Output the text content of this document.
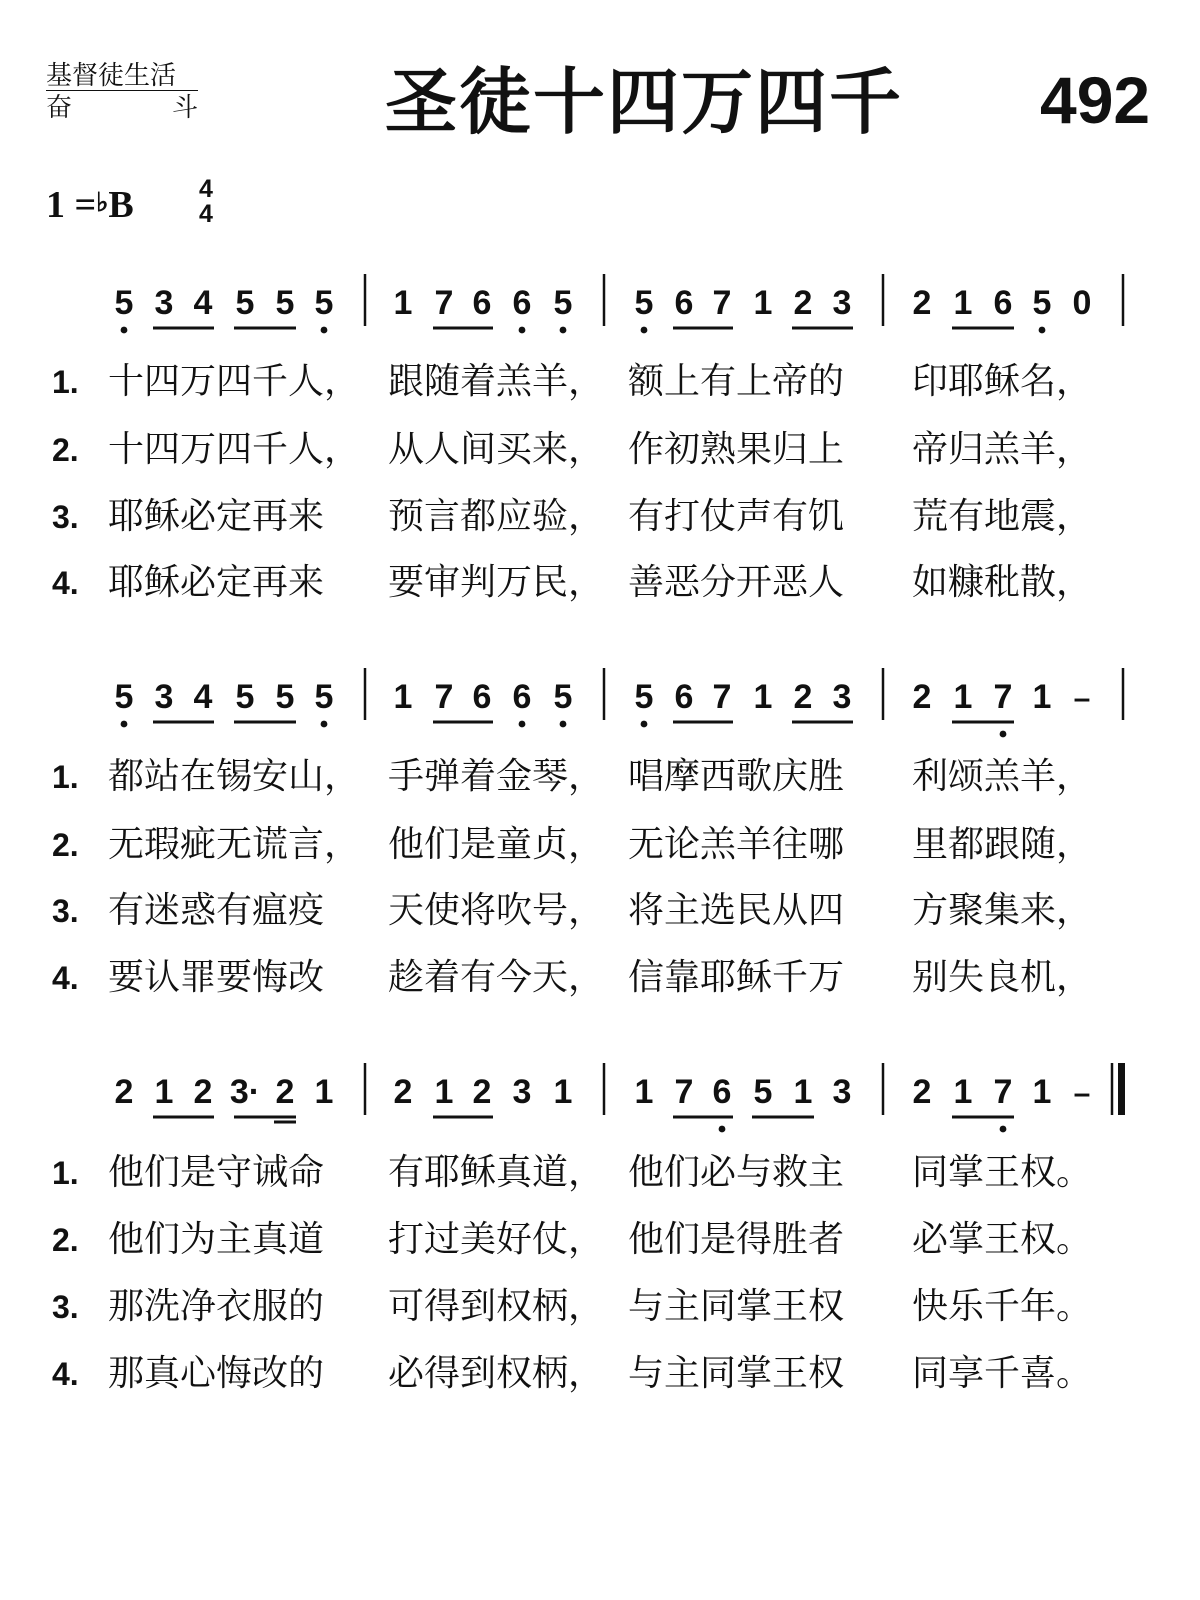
基督徒生活
奋	斗	圣徒十四万四千 492
1 =♭B	4
4
5 3 4 5 5 5 1 7 6 6 5 5 6 7 1 2 3 2 1 6 5 0
1. 十四万四千人， 跟随着羔羊， 额上有上帝的 印耶稣名，
2. 十四万四千人， 从人间买来， 作初熟果归上 帝归羔羊，
3. 耶稣必定再来 预言都应验， 有打仗声有饥 荒有地震，
4. 耶稣必定再来 要审判万民， 善恶分开恶人 如糠秕散，
5 3 4 5 5 5 1 7 6 6 5 5 6 7 1 2 3 2 1 7 1 –
1. 都站在锡安山， 手弹着金琴， 唱摩西歌庆胜 利颂羔羊，
2. 无瑕疵无谎言， 他们是童贞， 无论羔羊往哪 里都跟随，
3. 有迷惑有瘟疫 天使将吹号， 将主选民从四 方聚集来，
4. 要认罪要悔改 趁着有今天， 信靠耶稣千万 别失良机，
2 1 2 3· 2 1 2 1 2 3 1 1 7 6 5 1 3 2 1 7 1 –
1. 他们是守诫命 有耶稣真道， 他们必与救主 同掌王权。
2. 他们为主真道 打过美好仗， 他们是得胜者 必掌王权。
3. 那洗净衣服的 可得到权柄， 与主同掌王权 快乐千年。
4. 那真心悔改的 必得到权柄， 与主同掌王权 同享千喜。
